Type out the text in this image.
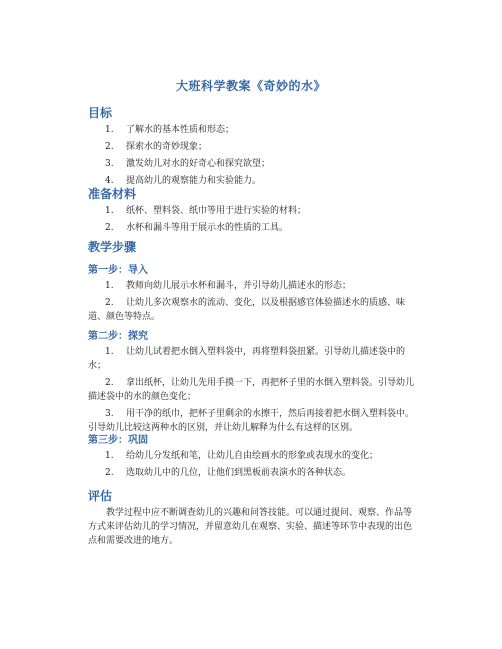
大班科学教案《奇妙的水》
目标
1.	了解水的基本性质和形态；
2.	探索水的奇妙现象；
3.	激发幼儿对水的好奇心和探究欲望；
4.	提高幼儿的观察能力和实验能力。
准备材料
1.	纸杯、塑料袋、纸巾等用于进行实验的材料；
2.	水杯和漏斗等用于展示水的性质的工具。
教学步骤
第一步：导入
1. 教师向幼儿展示水杯和漏斗，并引导幼儿描述水的形态；
2. 让幼儿多次观察水的流动、变化，以及根据感官体验描述水的质感、味道、颜色等特点。
第二步：探究
1. 让幼儿试着把水倒入塑料袋中，再将塑料袋扭紧。引导幼儿描述袋中的水；
2. 拿出纸杯，让幼儿先用手摸一下，再把杯子里的水倒入塑料袋。引导幼儿描述袋中的水的颜色变化；
3. 用干净的纸巾，把杯子里剩余的水擦干，然后再接着把水倒入塑料袋中。引导幼儿比较这两种水的区别，并让幼儿解释为什么有这样的区别。
第三步：巩固
1. 给幼儿分发纸和笔，让幼儿自由绘画水的形象或表现水的变化；
2. 选取幼儿中的几位，让他们到黑板前表演水的各种状态。
评估
教学过程中应不断调查幼儿的兴趣和问答技能。可以通过提问、观察、作品等方式来评估幼儿的学习情况，并留意幼儿在观察、实验、描述等环节中表现的出色点和需要改进的地方。
